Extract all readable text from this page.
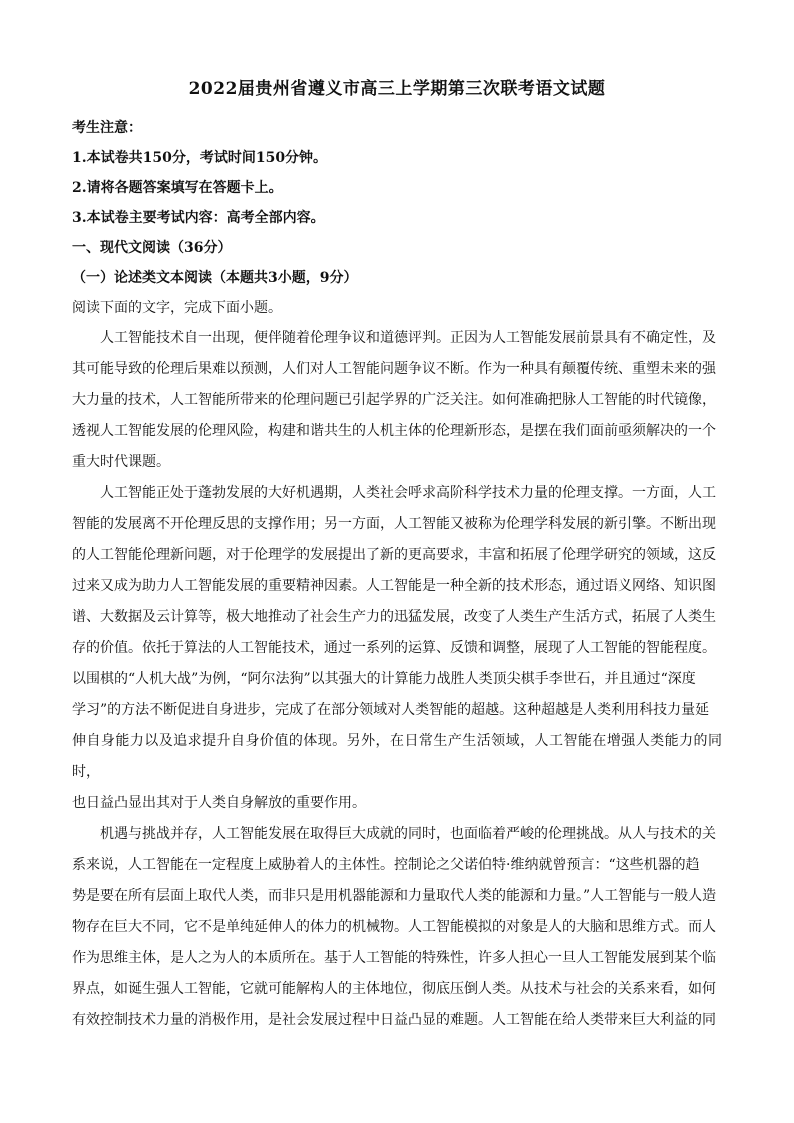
2022届贵州省遵义市高三上学期第三次联考语文试题
考生注意：
1.本试卷共150分，考试时间150分钟。
2.请将各题答案填写在答题卡上。
3.本试卷主要考试内容：高考全部内容。
一、现代文阅读（36分）
（一）论述类文本阅读（本题共3小题，9分）
阅读下面的文字，完成下面小题。
人工智能技术自一出现，便伴随着伦理争议和道德评判。正因为人工智能发展前景具有不确定性，及
其可能导致的伦理后果难以预测，人们对人工智能问题争议不断。作为一种具有颠覆传统、重塑未来的强
大力量的技术，人工智能所带来的伦理问题已引起学界的广泛关注。如何准确把脉人工智能的时代镜像，
透视人工智能发展的伦理风险，构建和谐共生的人机主体的伦理新形态，是摆在我们面前亟须解决的一个
重大时代课题。
人工智能正处于蓬勃发展的大好机遇期，人类社会呼求高阶科学技术力量的伦理支撑。一方面，人工
智能的发展离不开伦理反思的支撑作用；另一方面，人工智能又被称为伦理学科发展的新引擎。不断出现
的人工智能伦理新问题，对于伦理学的发展提出了新的更高要求，丰富和拓展了伦理学研究的领域，这反
过来又成为助力人工智能发展的重要精神因素。人工智能是一种全新的技术形态，通过语义网络、知识图
谱、大数据及云计算等，极大地推动了社会生产力的迅猛发展，改变了人类生产生活方式，拓展了人类生
存的价值。依托于算法的人工智能技术，通过一系列的运算、反馈和调整，展现了人工智能的智能程度。
以围棋的“人机大战”为例，“阿尔法狗”以其强大的计算能力战胜人类顶尖棋手李世石，并且通过“深度
学习”的方法不断促进自身进步，完成了在部分领域对人类智能的超越。这种超越是人类利用科技力量延
伸自身能力以及追求提升自身价值的体现。另外，在日常生产生活领域，人工智能在增强人类能力的同时，
也日益凸显出其对于人类自身解放的重要作用。
机遇与挑战并存，人工智能发展在取得巨大成就的同时，也面临着严峻的伦理挑战。从人与技术的关
系来说，人工智能在一定程度上威胁着人的主体性。控制论之父诺伯特·维纳就曾预言：“这些机器的趋
势是要在所有层面上取代人类，而非只是用机器能源和力量取代人类的能源和力量。”人工智能与一般人造
物存在巨大不同，它不是单纯延伸人的体力的机械物。人工智能模拟的对象是人的大脑和思维方式。而人
作为思维主体，是人之为人的本质所在。基于人工智能的特殊性，许多人担心一旦人工智能发展到某个临
界点，如诞生强人工智能，它就可能解构人的主体地位，彻底压倒人类。从技术与社会的关系来看，如何
有效控制技术力量的消极作用，是社会发展过程中日益凸显的难题。人工智能在给人类带来巨大利益的同
